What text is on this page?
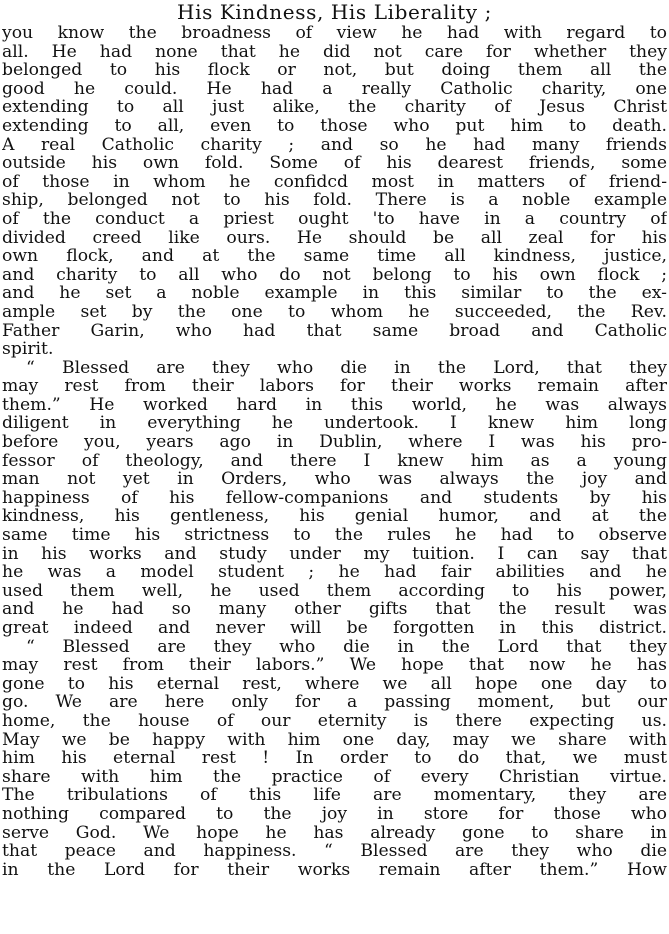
His Kindness, His Liberality ;
you know the broadness of view he had with regard to
all. He had none that he did not care for whether they
belonged to his flock or not, but doing them all the
good he could. He had a really Catholic charity, one
extending to all just alike, the charity of Jesus Christ
extending to all, even to those who put him to death.
A real Catholic charity ; and so he had many friends
outside his own fold. Some of his dearest friends, some
of those in whom he confidcd most in matters of friend-
ship, belonged not to his fold. There is a noble example
of the conduct a priest ought 'to have in a country of
divided creed like ours. He should be all zeal for his
own flock, and at the same time all kindness, justice,
and charity to all who do not belong to his own flock ;
and he set a noble example in this similar to the ex-
ample set by the one to whom he succeeded, the Rev.
Father Garin, who had that same broad and Catholic
spirit.
“ Blessed are they who die in the Lord, that they
may rest from their labors for their works remain after
them.” He worked hard in this world, he was always
diligent in everything he undertook. I knew him long
before you, years ago in Dublin, where I was his pro-
fessor of theology, and there I knew him as a young
man not yet in Orders, who was always the joy and
happiness of his fellow-companions and students by his
kindness, his gentleness, his genial humor, and at the
same time his strictness to the rules he had to observe
in his works and study under my tuition. I can say that
he was a model student ; he had fair abilities and he
used them well, he used them according to his power,
and he had so many other gifts that the result was
great indeed and never will be forgotten in this district.
“ Blessed are they who die in the Lord that they
may rest from their labors.” We hope that now he has
gone to his eternal rest, where we all hope one day to
go. We are here only for a passing moment, but our
home, the house of our eternity is there expecting us.
May we be happy with him one day, may we share with
him his eternal rest ! In order to do that, we must
share with him the practice of every Christian virtue.
The tribulations of this life are momentary, they are
nothing compared to the joy in store for those who
serve God. We hope he has already gone to share in
that peace and happiness. “ Blessed are they who die
in the Lord for their works remain after them.” How
